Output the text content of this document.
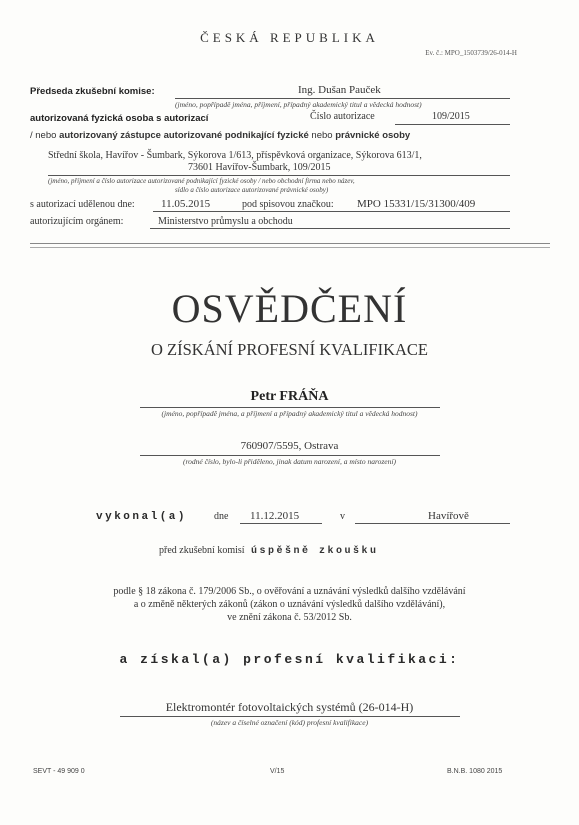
ČESKÁ REPUBLIKA
Ev. č.: MPO_1503739/26-014-H
Předseda zkušební komise:	Ing. Dušan Pauček
(jméno, popřípadě jména, příjmení, případný akademický titul a vědecká hodnost)
autorizovaná fyzická osoba s autorizací	Číslo autorizace	109/2015
/ nebo autorizovaný zástupce autorizované podnikající fyzické nebo právnické osoby
Střední škola, Havířov - Šumbark, Sýkorova 1/613, příspěvková organizace, Sýkorova 613/1,
73601 Havířov-Šumbark, 109/2015
(jméno, příjmení a číslo autorizace autorizované podnikající fyzické osoby / nebo obchodní firma nebo název,
sídlo a číslo autorizace autorizované právnické osoby)
s autorizací udělenou dne: 11.05.2015	pod spisovou značkou: MPO 15331/15/31300/409
autorizujícím orgánem:	Ministerstvo průmyslu a obchodu
OSVĚDČENÍ
O ZÍSKÁNÍ PROFESNÍ KVALIFIKACE
Petr FRÁŇA
(jméno, popřípadě jména, a příjmení a případný akademický titul a vědecká hodnost)
760907/5595, Ostrava
(rodné číslo, bylo-li přiděleno, jinak datum narození, a místo narození)
vykonal(a)	dne 11.12.2015	v	Havířově
před zkušební komisí úspěšně zkoušku
podle § 18 zákona č. 179/2006 Sb., o ověřování a uznávání výsledků dalšího vzdělávání
a o změně některých zákonů (zákon o uznávání výsledků dalšího vzdělávání),
ve znění zákona č. 53/2012 Sb.
a získal(a) profesní kvalifikaci:
Elektromontér fotovoltaických systémů (26-014-H)
(název a číselné označení (kód) profesní kvalifikace)
SEVT - 49 909 0	V/15	B.N.B. 1080 2015
